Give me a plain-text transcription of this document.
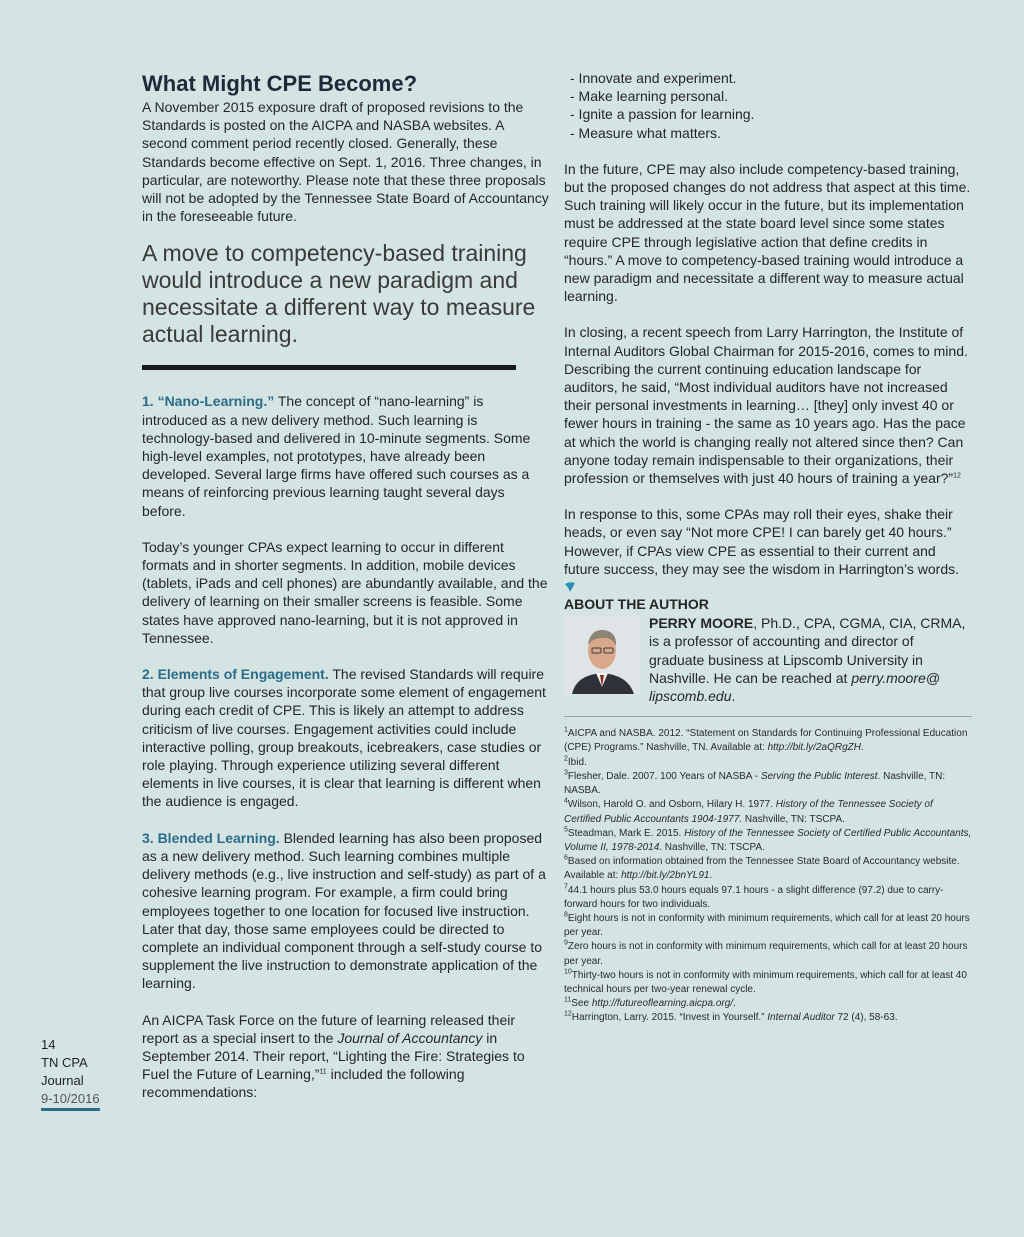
What Might CPE Become?

A November 2015 exposure draft of proposed revisions to the Standards is posted on the AICPA and NASBA websites. A second comment period recently closed. Generally, these Standards become effective on Sept. 1, 2016. Three changes, in particular, are noteworthy. Please note that these three proposals will not be adopted by the Tennessee State Board of Accountancy in the foreseeable future.

A move to competency-based training would introduce a new paradigm and necessitate a different way to measure actual learning.

1. “Nano-Learning.” The concept of “nano-learning” is introduced as a new delivery method. Such learning is technology-based and delivered in 10-minute segments. Some high-level examples, not prototypes, have already been developed. Several large firms have offered such courses as a means of reinforcing previous learning taught several days before.

Today’s younger CPAs expect learning to occur in different formats and in shorter segments. In addition, mobile devices (tablets, iPads and cell phones) are abundantly available, and the delivery of learning on their smaller screens is feasible. Some states have approved nano-learning, but it is not approved in Tennessee.

2. Elements of Engagement. The revised Standards will require that group live courses incorporate some element of engagement during each credit of CPE. This is likely an attempt to address criticism of live courses. Engagement activities could include interactive polling, group breakouts, icebreakers, case studies or role playing. Through experience utilizing several different elements in live courses, it is clear that learning is different when the audience is engaged.

3. Blended Learning. Blended learning has also been proposed as a new delivery method. Such learning combines multiple delivery methods (e.g., live instruction and self-study) as part of a cohesive learning program. For example, a firm could bring employees together to one location for focused live instruction. Later that day, those same employees could be directed to complete an individual component through a self-study course to supplement the live instruction to demonstrate application of the learning.

An AICPA Task Force on the future of learning released their report as a special insert to the Journal of Accountancy in September 2014. Their report, “Lighting the Fire: Strategies to Fuel the Future of Learning,”$^{11}$ included the following recommendations:

- Innovate and experiment.
- Make learning personal.
- Ignite a passion for learning.
- Measure what matters.

In the future, CPE may also include competency-based training, but the proposed changes do not address that aspect at this time. Such training will likely occur in the future, but its implementation must be addressed at the state board level since some states require CPE through legislative action that define credits in “hours.” A move to competency-based training would introduce a new paradigm and necessitate a different way to measure actual learning.

In closing, a recent speech from Larry Harrington, the Institute of Internal Auditors Global Chairman for 2015-2016, comes to mind. Describing the current continuing education landscape for auditors, he said, “Most individual auditors have not increased their personal investments in learning… [they] only invest 40 or fewer hours in training - the same as 10 years ago. Has the pace at which the world is changing really not altered since then? Can anyone today remain indispensable to their organizations, their profession or themselves with just 40 hours of training a year?”$^{12}$

In response to this, some CPAs may roll their eyes, shake their heads, or even say “Not more CPE! I can barely get 40 hours.” However, if CPAs view CPE as essential to their current and future success, they may see the wisdom in Harrington’s words.

ABOUT THE AUTHOR

PERRY MOORE, Ph.D., CPA, CGMA, CIA, CRMA, is a professor of accounting and director of graduate business at Lipscomb University in Nashville. He can be reached at perry.moore@ lipscomb.edu.

$^1$AICPA and NASBA. 2012. “Statement on Standards for Continuing Professional Education (CPE) Programs.” Nashville, TN. Available at: http://bit.ly/2aQRgZH.

$^2$Ibid.

$^3$Flesher, Dale. 2007. 100 Years of NASBA - Serving the Public Interest. Nashville, TN: NASBA.

$^4$Wilson, Harold O. and Osborn, Hilary H. 1977. History of the Tennessee Society of Certified Public Accountants 1904-1977. Nashville, TN: TSCPA.

$^5$Steadman, Mark E. 2015. History of the Tennessee Society of Certified Public Accountants, Volume II, 1978-2014. Nashville, TN: TSCPA.

$^6$Based on information obtained from the Tennessee State Board of Accountancy website. Available at: http://bit.ly/2bnYL91.

$^7$44.1 hours plus 53.0 hours equals 97.1 hours - a slight difference (97.2) due to carry-forward hours for two individuals.

$^8$Eight hours is not in conformity with minimum requirements, which call for at least 20 hours per year.

$^9$Zero hours is not in conformity with minimum requirements, which call for at least 20 hours per year.

$^{10}$Thirty-two hours is not in conformity with minimum requirements, which call for at least 40 technical hours per two-year renewal cycle.

$^{11}$See http://futureoflearning.aicpa.org/.

$^{12}$Harrington, Larry. 2015. “Invest in Yourself.” Internal Auditor 72 (4), 58-63.

14
TN CPA
Journal
9-10/2016
